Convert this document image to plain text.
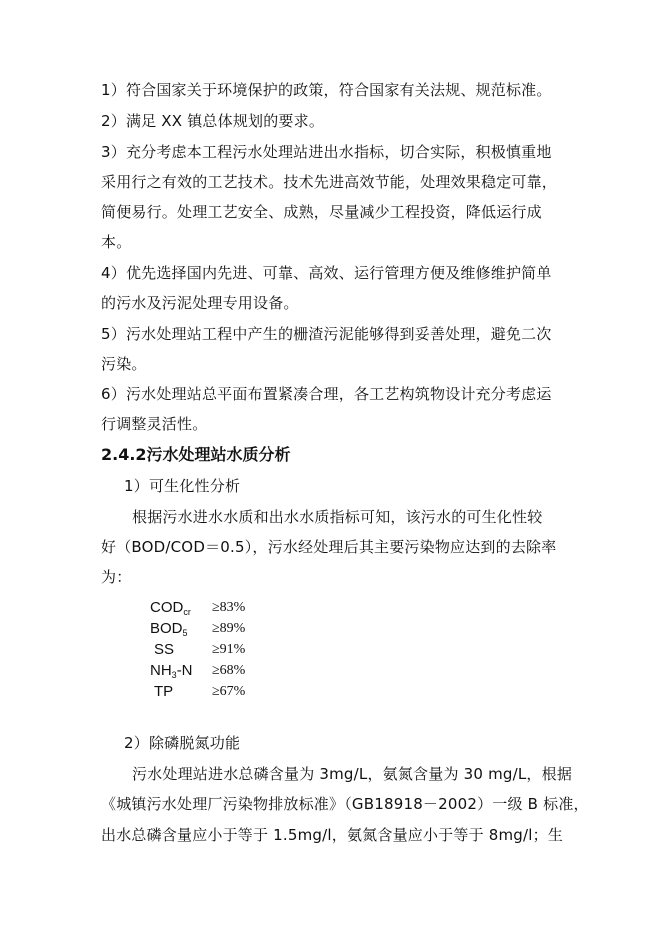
1）符合国家关于环境保护的政策，符合国家有关法规、规范标准。
2）满足 XX 镇总体规划的要求。
3）充分考虑本工程污水处理站进出水指标，切合实际，积极慎重地
采用行之有效的工艺技术。技术先进高效节能，处理效果稳定可靠，
简便易行。处理工艺安全、成熟，尽量减少工程投资，降低运行成
本。
4）优先选择国内先进、可靠、高效、运行管理方便及维修维护简单
的污水及污泥处理专用设备。
5）污水处理站工程中产生的栅渣污泥能够得到妥善处理，避免二次
污染。
6）污水处理站总平面布置紧凑合理，各工艺构筑物设计充分考虑运
行调整灵活性。
2.4.2污水处理站水质分析
1）可生化性分析
根据污水进水水质和出水水质指标可知，该污水的可生化性较
好（BOD/COD＝0.5），污水经处理后其主要污染物应达到的去除率
为：
$COD_{cr} \ge 83\%$
$BOD_5 \ge 89\%$
SS	≥91%
$NH_3-N \ge 68\%$
TP	≥67%
2）除磷脱氮功能
污水处理站进水总磷含量为 3mg/L，氨氮含量为 30 mg/L，根据
《城镇污水处理厂污染物排放标准》（GB18918－2002）一级 B 标准，
出水总磷含量应小于等于 1.5mg/l，氨氮含量应小于等于 8mg/l；生
